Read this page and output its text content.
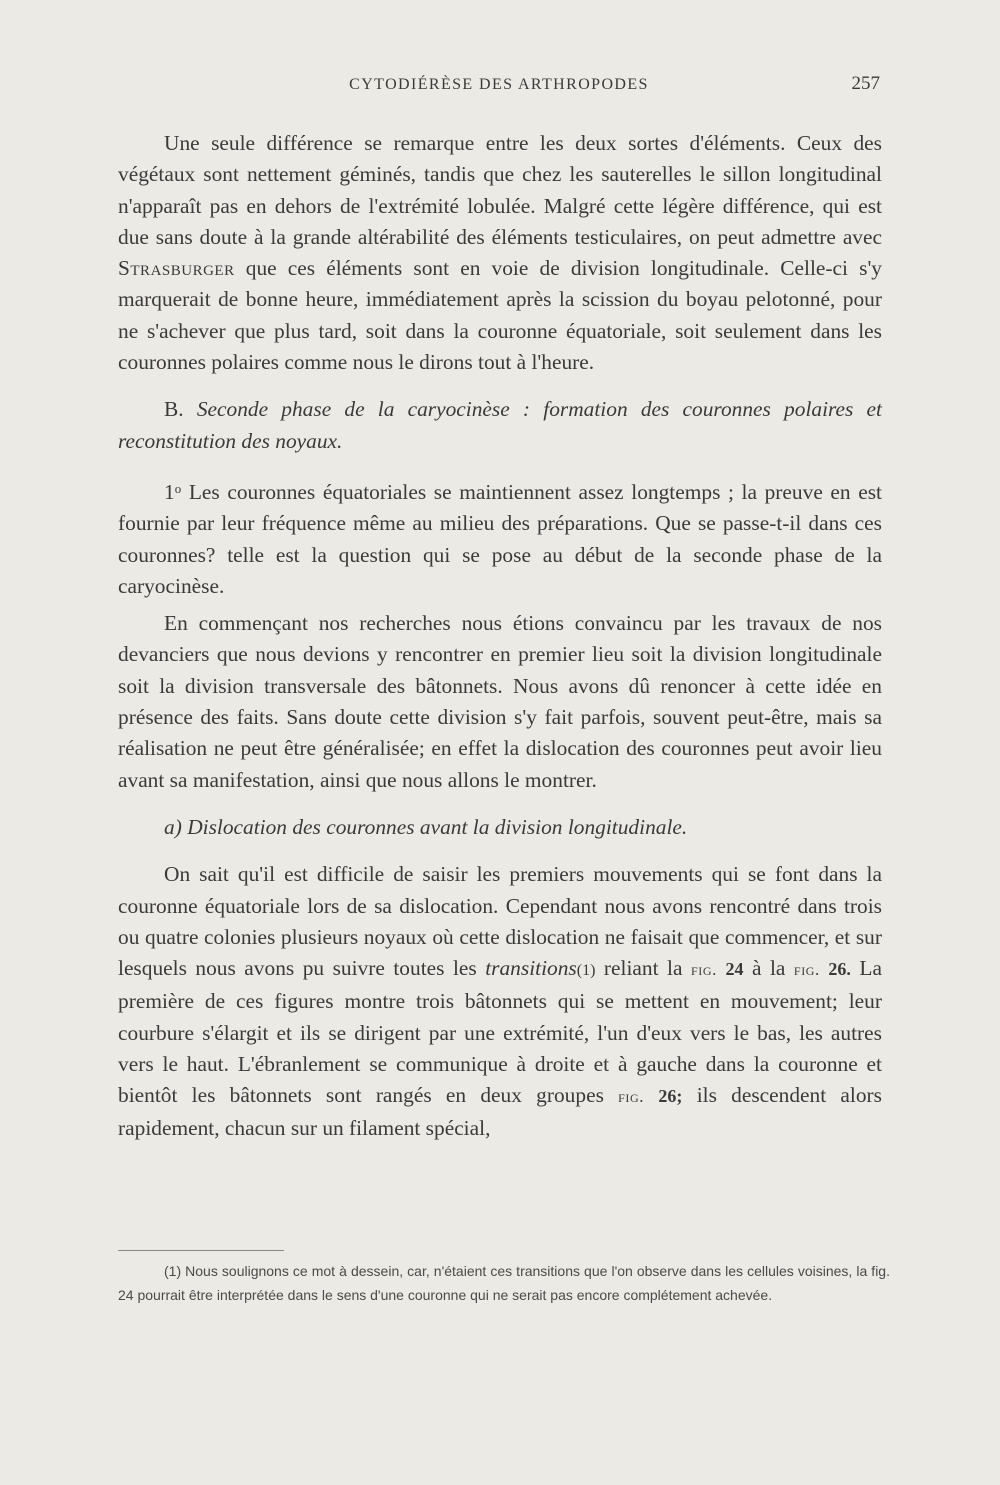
CYTODIÉRÈSE DES ARTHROPODES	257

Une seule différence se remarque entre les deux sortes d'éléments. Ceux des végétaux sont nettement géminés, tandis que chez les sauterelles le sillon longitudinal n'apparaît pas en dehors de l'extrémité lobulée. Malgré cette légère différence, qui est due sans doute à la grande altérabilité des éléments testiculaires, on peut admettre avec Strasburger que ces éléments sont en voie de division longitudinale. Celle-ci s'y marquerait de bonne heure, immédiatement après la scission du boyau pelotonné, pour ne s'achever que plus tard, soit dans la couronne équatoriale, soit seulement dans les couronnes polaires comme nous le dirons tout à l'heure.

B. Seconde phase de la caryocinèse : formation des couronnes polaires et reconstitution des noyaux.

1$^o$ Les couronnes équatoriales se maintiennent assez longtemps ; la preuve en est fournie par leur fréquence même au milieu des préparations. Que se passe-t-il dans ces couronnes? telle est la question qui se pose au début de la seconde phase de la caryocinèse.

En commençant nos recherches nous étions convaincu par les travaux de nos devanciers que nous devions y rencontrer en premier lieu soit la division longitudinale soit la division transversale des bâtonnets. Nous avons dû renoncer à cette idée en présence des faits. Sans doute cette division s'y fait parfois, souvent peut-être, mais sa réalisation ne peut être généralisée; en effet la dislocation des couronnes peut avoir lieu avant sa manifestation, ainsi que nous allons le montrer.

a) Dislocation des couronnes avant la division longitudinale.

On sait qu'il est difficile de saisir les premiers mouvements qui se font dans la couronne équatoriale lors de sa dislocation. Cependant nous avons rencontré dans trois ou quatre colonies plusieurs noyaux où cette dislocation ne faisait que commencer, et sur lesquels nous avons pu suivre toutes les transitions(1) reliant la fig. 24 à la fig. 26. La première de ces figures montre trois bâtonnets qui se mettent en mouvement; leur courbure s'élargit et ils se dirigent par une extrémité, l'un d'eux vers le bas, les autres vers le haut. L'ébranlement se communique à droite et à gauche dans la couronne et bientôt les bâtonnets sont rangés en deux groupes fig. 26; ils descendent alors rapidement, chacun sur un filament spécial,

(1) Nous soulignons ce mot à dessein, car, n'étaient ces transitions que l'on observe dans les cellules voisines, la fig. 24 pourrait être interprétée dans le sens d'une couronne qui ne serait pas encore complétement achevée.
